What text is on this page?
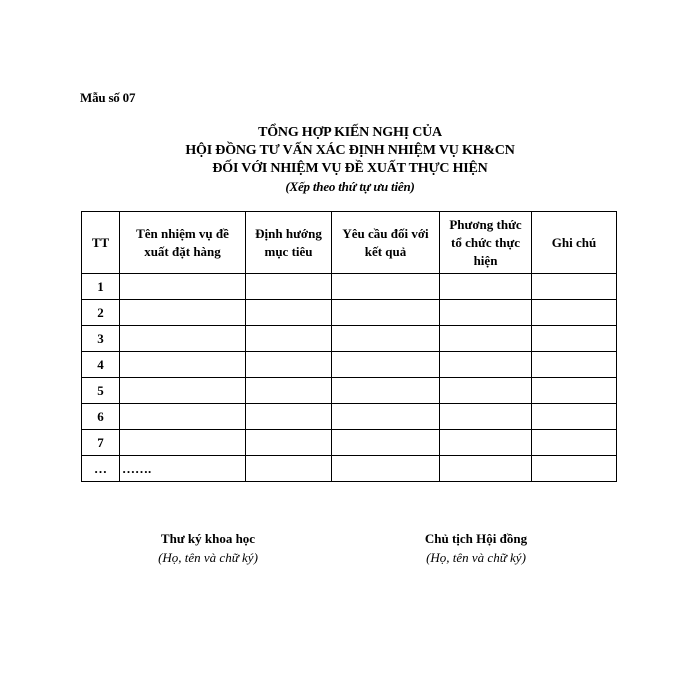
Mẫu số 07
TỔNG HỢP KIẾN NGHỊ CỦA
HỘI ĐỒNG TƯ VẤN XÁC ĐỊNH NHIỆM VỤ KH&CN
ĐỐI VỚI NHIỆM VỤ ĐỀ XUẤT THỰC HIỆN
(Xếp theo thứ tự ưu tiên)
TT	Tên nhiệm vụ đề xuất đặt hàng	Định hướng mục tiêu	Yêu cầu đối với kết quả	Phương thức tổ chức thực hiện	Ghi chú
1					
2					
3					
4					
5					
6					
7					
…	…….				
Thư ký khoa học
(Họ, tên và chữ ký)
Chủ tịch Hội đồng
(Họ, tên và chữ ký)
